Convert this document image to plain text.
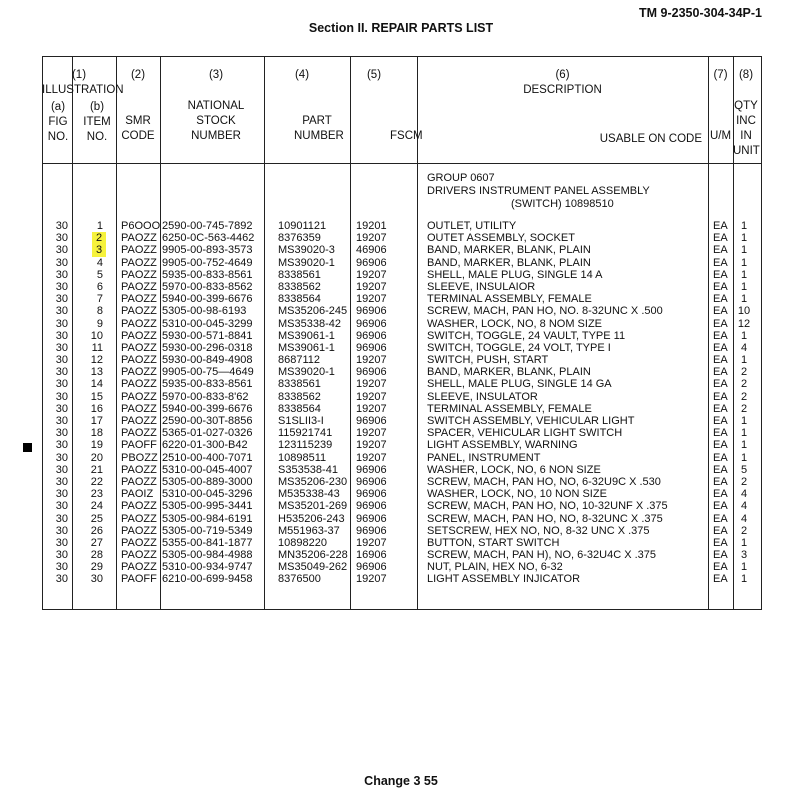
TM 9-2350-304-34P-1
Section II. REPAIR PARTS LIST
(1)
ILLUSTRATION
(a)
FIG
NO.
(b)
ITEM
NO.
(2)
SMR
CODE
(3)
NATIONAL
STOCK
NUMBER
(4)
PART
NUMBER
(5)
FSCM
(6)
DESCRIPTION
USABLE ON CODE
(7)
U/M
(8)
QTY
INC
IN
UNIT
GROUP 0607
DRIVERS INSTRUMENT PANEL ASSEMBLY
(SWITCH) 10898510
30	1 P6OOO 2590-00-745-7892 10901121	19201	OUTLET, UTILITY	EA	1
30	2	PAOZZ 6250-0C-563-4462 8376359	19207	OUTET ASSEMBLY, SOCKET	EA	1
30	3	PAOZZ 9905-00-893-3573 MS39020-3 46906	BAND, MARKER, BLANK, PLAIN	EA	1
30	4 PAOZZ 9905-00-752-4649 MS39020-1 96906	BAND, MARKER, BLANK, PLAIN	EA	1
30	5 PAOZZ 5935-00-833-8561 8338561	19207	SHELL, MALE PLUG, SINGLE 14 A	EA	1
30	6 PAOZZ 5970-00-833-8562 8338562	19207	SLEEVE, INSULAIOR	EA	1
30	7 PAOZZ 5940-00-399-6676 8338564	19207	TERMINAL ASSEMBLY, FEMALE	EA	1
30	8 PAOZZ 5305-00-98-6193	MS35206-245 96906	SCREW, MACH, PAN HO, NO. 8-32UNC X .500	EA 10
30	9 PAOZZ 5310-00-045-3299 MS35338-42 96906	WASHER, LOCK, NO, 8 NOM SIZE	EA 12
30	10 PAOZZ 5930-00-571-8841 MS39061-1 96906	SWITCH, TOGGLE, 24 VAULT, TYPE 11	EA	1
30	11 PAOZZ 5930-00-296-0318 MS39061-1 96906	SWITCH, TOGGLE, 24 VOLT, TYPE I	EA	4
30	12 PAOZZ 5930-00-849-4908 8687112	19207	SWITCH, PUSH, START	EA	1
30	13 PAOZZ 9905-00-75—4649 MS39020-1 96906	BAND, MARKER, BLANK, PLAIN	EA	2
30	14 PAOZZ 5935-00-833-8561 8338561	19207	SHELL, MALE PLUG, SINGLE 14 GA	EA	2
30	15 PAOZZ 5970-00-833-8'62	8338562	19207	SLEEVE, INSULATOR	EA	2
30	16 PAOZZ 5940-00-399-6676 8338564	19207	TERMINAL ASSEMBLY, FEMALE	EA	2
30	17 PAOZZ 2590-00-30T-8856 S1SLII3-I	96906	SWITCH ASSEMBLY, VEHICULAR LIGHT	EA	1
30	18 PAOZZ 5365-01-027-0326 115921741 19207	SPACER, VEHICULAR LIGHT SWITCH	EA	1
30	19 PAOFF 6220-01-300-B42	123115239 19207	LIGHT ASSEMBLY, WARNING	EA	1
30	20 PBOZZ 2510-00-400-7071 10898511	19207	PANEL, INSTRUMENT	EA	1
30	21 PAOZZ 5310-00-045-4007 S353538-41 96906	WASHER, LOCK, NO, 6 NON SIZE	EA	5
30	22 PAOZZ 5305-00-889-3000 MS35206-230 96906	SCREW, MACH, PAN HO, NO, 6-32U9C X .530	EA	2
30	23 PAOIZ 5310-00-045-3296 M535338-43 96906	WASHER, LOCK, NO, 10 NON SIZE	EA	4
30	24 PAOZZ 5305-00-995-3441 MS35201-269 96906	SCREW, MACH, PAN HO, NO, 10-32UNF X .375	EA	4
30	25 PAOZZ 5305-00-984-6191 H535206-243 96906	SCREW, MACH, PAN HO, NO, 8-32UNC X .375	EA	4
30	26 PAOZZ 5305-00-719-5349 M551963-37 96906	SETSCREW, HEX NO, NO, 8-32 UNC X .375	EA	2
30	27 PAOZZ 5355-00-841-1877 10898220	19207	BUTTON, START SWITCH	EA	1
30	28 PAOZZ 5305-00-984-4988 MN35206-228 16906	SCREW, MACH, PAN H), NO, 6-32U4C X .375	EA	3
30	29 PAOZZ 5310-00-934-9747 MS35049-262 96906	NUT, PLAIN, HEX NO, 6-32	EA	1
30	30 PAOFF 6210-00-699-9458 8376500	19207	LIGHT ASSEMBLY INJICATOR	EA	1
Change 3 55
